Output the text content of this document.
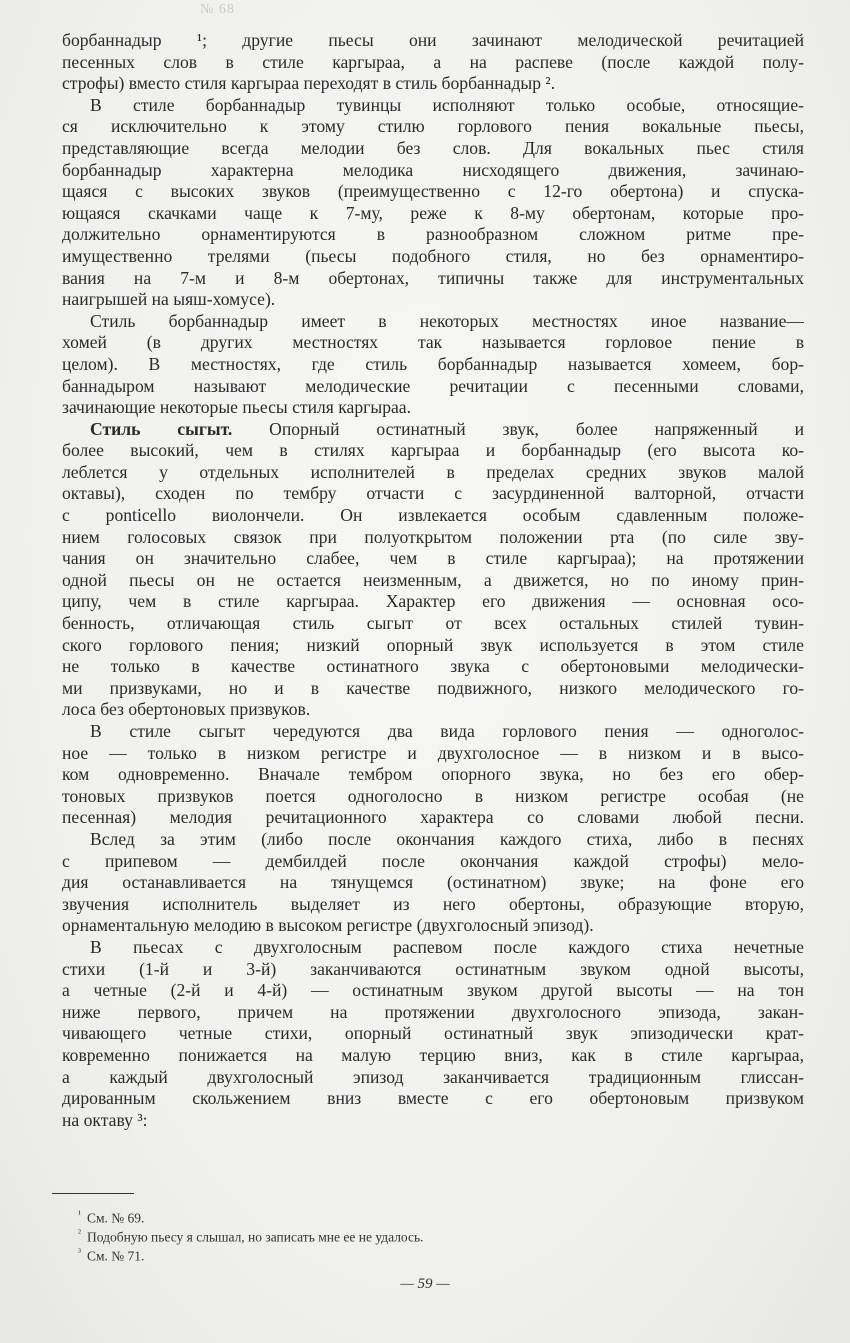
№ 68
борбаннадыр ¹; другие пьесы они зачинают мелодической речитацией
песенных слов в стиле каргыраа, а на распеве (после каждой полу-
строфы) вместо стиля каргыраа переходят в стиль борбаннадыр ².
В стиле борбаннадыр тувинцы исполняют только особые, относящие-
ся исключительно к этому стилю горлового пения вокальные пьесы,
представляющие всегда мелодии без слов. Для вокальных пьес стиля
борбаннадыр характерна мелодика нисходящего движения, зачинаю-
щаяся с высоких звуков (преимущественно с 12-го обертона) и спуска-
ющаяся скачками чаще к 7-му, реже к 8-му обертонам, которые про-
должительно орнаментируются в разнообразном сложном ритме пре-
имущественно трелями (пьесы подобного стиля, но без орнаментиро-
вания на 7-м и 8-м обертонах, типичны также для инструментальных
наигрышей на ыяш-хомусе).
Стиль борбаннадыр имеет в некоторых местностях иное название—
хомей (в других местностях так называется горловое пение в
целом). В местностях, где стиль борбаннадыр называется хомеем, бор-
баннадыром называют мелодические речитации с песенными словами,
зачинающие некоторые пьесы стиля каргыраа.
Стиль сыгыт. Опорный остинатный звук, более напряженный и
более высокий, чем в стилях каргыраа и борбаннадыр (его высота ко-
леблется у отдельных исполнителей в пределах средних звуков малой
октавы), сходен по тембру отчасти с засурдиненной валторной, отчасти
с ponticello виолончели. Он извлекается особым сдавленным положе-
нием голосовых связок при полуоткрытом положении рта (по силе зву-
чания он значительно слабее, чем в стиле каргыраа); на протяжении
одной пьесы он не остается неизменным, а движется, но по иному прин-
ципу, чем в стиле каргыраа. Характер его движения — основная осо-
бенность, отличающая стиль сыгыт от всех остальных стилей тувин-
ского горлового пения; низкий опорный звук используется в этом стиле
не только в качестве остинатного звука с обертоновыми мелодически-
ми призвуками, но и в качестве подвижного, низкого мелодического го-
лоса без обертоновых призвуков.
В стиле сыгыт чередуются два вида горлового пения — одноголос-
ное — только в низком регистре и двухголосное — в низком и в высо-
ком одновременно. Вначале тембром опорного звука, но без его обер-
тоновых призвуков поется одноголосно в низком регистре особая (не
песенная) мелодия речитационного характера со словами любой песни.
Вслед за этим (либо после окончания каждого стиха, либо в песнях
с припевом — дембилдей после окончания каждой строфы) мело-
дия останавливается на тянущемся (остинатном) звуке; на фоне его
звучения исполнитель выделяет из него обертоны, образующие вторую,
орнаментальную мелодию в высоком регистре (двухголосный эпизод).
В пьесах с двухголосным распевом после каждого стиха нечетные
стихи (1-й и 3-й) заканчиваются остинатным звуком одной высоты,
а четные (2-й и 4-й) — остинатным звуком другой высоты — на тон
ниже первого, причем на протяжении двухголосного эпизода, закан-
чивающего четные стихи, опорный остинатный звук эпизодически крат-
ковременно понижается на малую терцию вниз, как в стиле каргыраа,
а каждый двухголосный эпизод заканчивается традиционным глиссан-
дированным скольжением вниз вместе с его обертоновым призвуком
на октаву ³:
$^{^1}$ См. № 69.
$^{^2}$ Подобную пьесу я слышал, но записать мне ее не удалось.
$^{^3}$ См. № 71.
— 59 —
